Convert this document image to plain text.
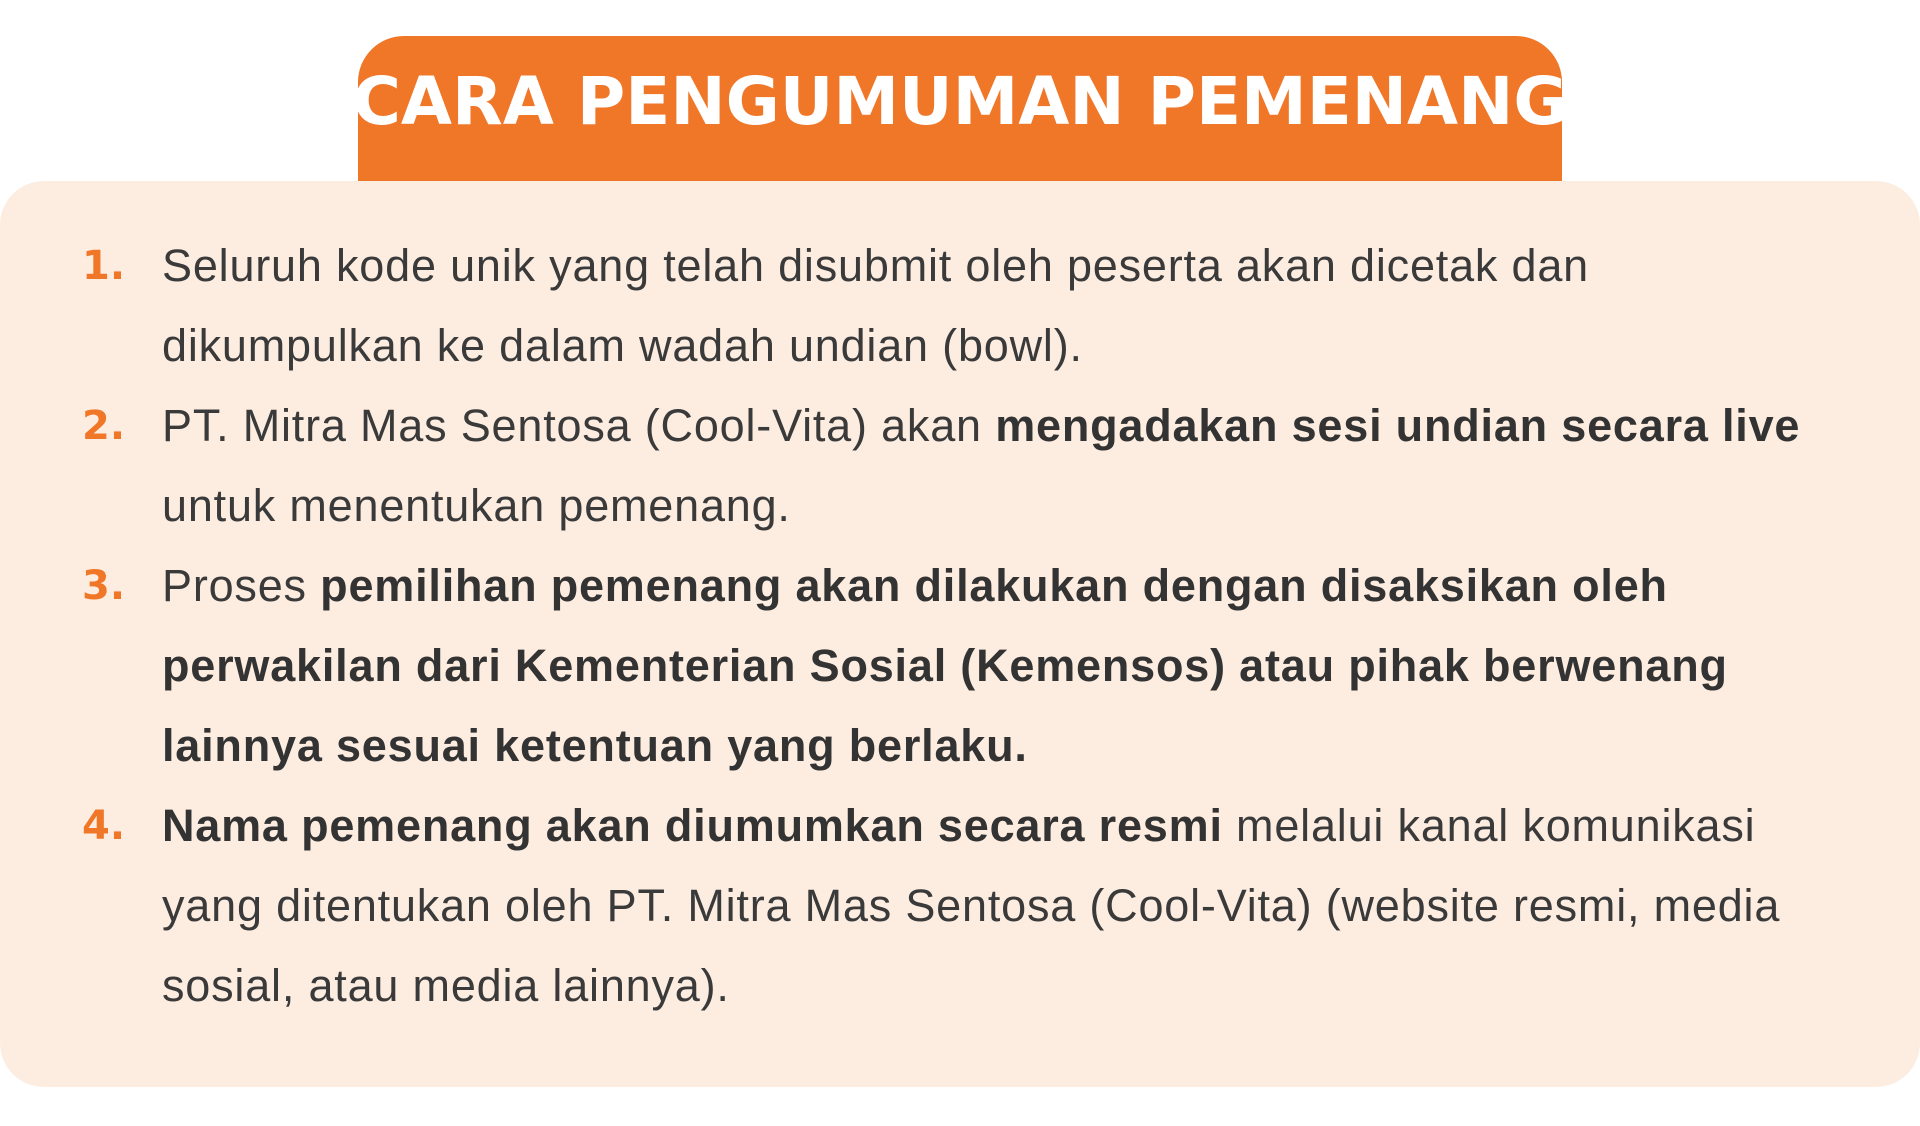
CARA PENGUMUMAN PEMENANG
1. Seluruh kode unik yang telah disubmit oleh peserta akan dicetak dan dikumpulkan ke dalam wadah undian (bowl).
2. PT. Mitra Mas Sentosa (Cool-Vita) akan mengadakan sesi undian secara live untuk menentukan pemenang.
3. Proses pemilihan pemenang akan dilakukan dengan disaksikan oleh perwakilan dari Kementerian Sosial (Kemensos) atau pihak berwenang lainnya sesuai ketentuan yang berlaku.
4. Nama pemenang akan diumumkan secara resmi melalui kanal komunikasi yang ditentukan oleh PT. Mitra Mas Sentosa (Cool-Vita) (website resmi, media sosial, atau media lainnya).
